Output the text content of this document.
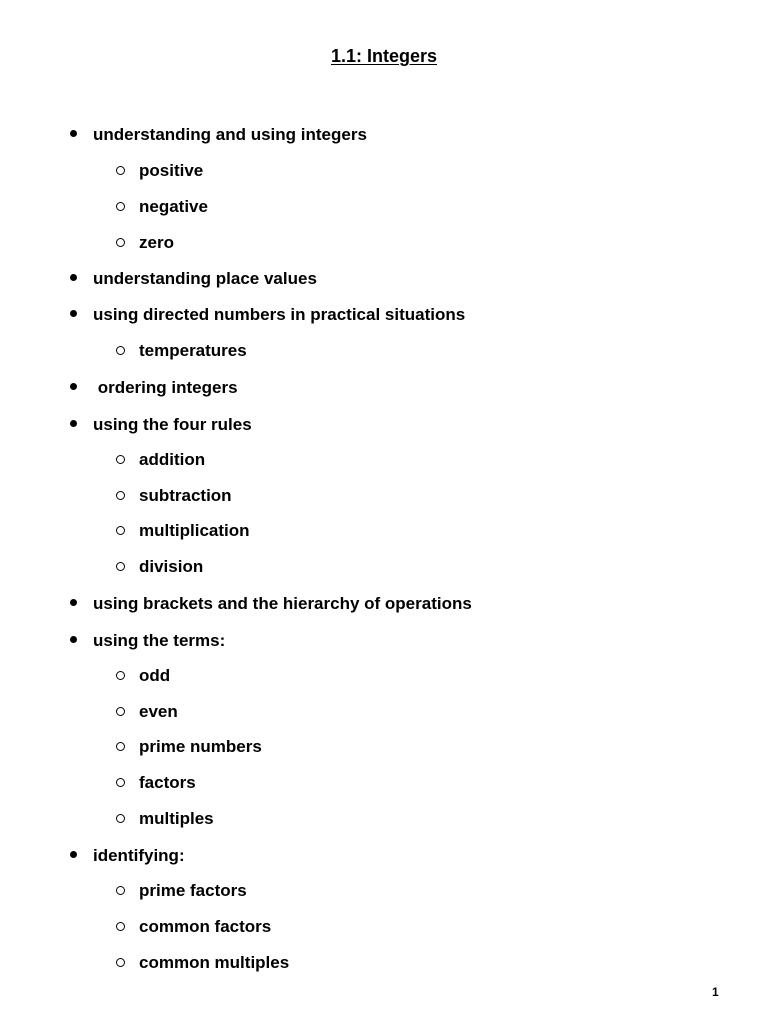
1.1: Integers
understanding and using integers
positive
negative
zero
understanding place values
using directed numbers in practical situations
temperatures
ordering integers
using the four rules
addition
subtraction
multiplication
division
using brackets and the hierarchy of operations
using the terms:
odd
even
prime numbers
factors
multiples
identifying:
prime factors
common factors
common multiples
1
